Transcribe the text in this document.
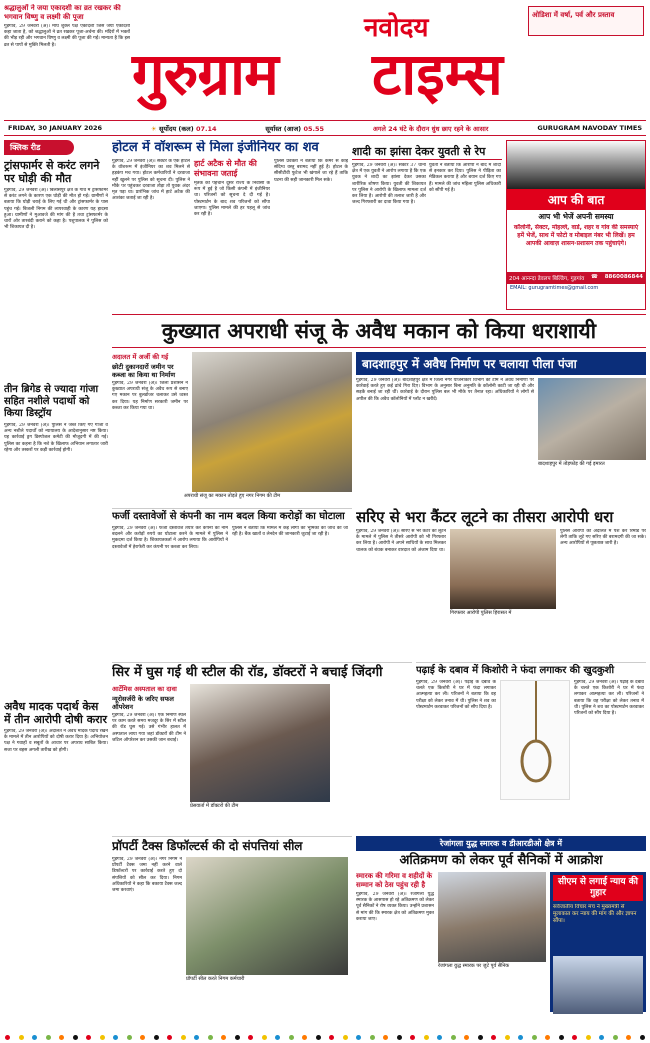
श्रद्धालुओं ने जया एकादशी का व्रत रखकर की भगवान विष्णु व लक्ष्मी की पूजा
गुड़गांव, 29 जनवरी (अ)। माघ शुक्ल पक्ष एकादशी जिसे जया एकादशी कहा जाता है, को श्रद्धालुओं ने व्रत रखकर पूजा-अर्चना की। मंदिरों में भक्तों की भीड़ रही और भगवान विष्णु व लक्ष्मी की पूजा की गई। मान्यता है कि इस व्रत से पापों से मुक्ति मिलती है।
नवोदय
गुरुग्राम टाइम्स
ओडिशा में वर्षा, पर्व और प्रस्ताव
FRIDAY, 30 JANUARY 2026	☀ सूर्योदय (कल) 07.14	सूर्यास्त (आज) 05.55	अगले 24 घंटे के दौरान धुंध छाए रहने के आसार	GURUGRAM NAVODAY TIMES
क्लिक रीड
ट्रांसफार्मर से करंट लगने पर घोड़ी की मौत
गुड़गांव, 29 जनवरी (अ)। बिलासपुर क्षेत्र के गांव में ट्रांसफार्मर से करंट लगने के कारण एक घोड़ी की मौत हो गई। ग्रामीणों ने बताया कि घोड़ी चराई के लिए गई थी और ट्रांसफार्मर के पास पहुंच गई। बिजली निगम की लापरवाही के कारण यह हादसा हुआ। ग्रामीणों ने मुआवजे की मांग की है तथा ट्रांसफार्मर के चारों ओर तारबंदी कराने को कहा है। पशुपालक ने पुलिस को भी शिकायत दी है।
तीन ब्रिगेड से ज्यादा गांजा सहित नशीले पदार्थो को किया डिस्ट्रॉय
गुड़गांव, 29 जनवरी (अ)। पुलिस ने जब्त किए गए गांजा व अन्य नशीले पदार्थों को न्यायालय के आदेशानुसार नष्ट किया। यह कार्रवाई ड्रग डिस्पोजल कमेटी की मौजूदगी में की गई। पुलिस का कहना है कि नशे के खिलाफ अभियान लगातार जारी रहेगा और तस्करों पर कड़ी कार्रवाई होगी।
अवैध मादक पदार्थ केस में तीन आरोपी दोषी करार
गुड़गांव, 29 जनवरी (अ)। अदालत ने अवैध मादक पदार्थ रखने के मामले में तीन आरोपियों को दोषी करार दिया है। अभियोजन पक्ष ने गवाहों व सबूतों के आधार पर अपराध साबित किया। सजा पर बहस अगली तारीख को होगी।
होटल में वॉशरूम से मिला इंजीनियर का शव
गुड़गांव, 29 जनवरी (अ)। सेक्टर के एक होटल के वॉशरूम में इंजीनियर का शव मिलने से हड़कंप मच गया। होटल कर्मचारियों ने दरवाजा नहीं खुलने पर पुलिस को सूचना दी। पुलिस ने मौके पर पहुंचकर दरवाजा तोड़ा तो युवक अंदर मृत पड़ा था। प्रारंभिक जांच में हार्ट अटैक की आशंका जताई जा रही है।
हार्ट अटैक से मौत की संभावना जताई
मृतक की पहचान दूसरे राज्य के निवासी के रूप में हुई है जो किसी कंपनी में इंजीनियर था। परिजनों को सूचना दे दी गई है। पोस्टमार्टम के बाद शव परिजनों को सौंपा जाएगा। पुलिस मामले की हर पहलू से जांच कर रही है।
पुलिस प्रवक्ता ने बताया कि कमरे से कोई संदिग्ध वस्तु बरामद नहीं हुई है। होटल के सीसीटीवी फुटेज भी खंगाले जा रहे हैं ताकि घटना की सही जानकारी मिल सके।
शादी का झांसा देकर युवती से रेप
गुड़गांव, 29 जनवरी (अ)। सेक्टर 37 थाना क्षेत्र में एक युवती ने आरोप लगाया है कि एक युवक ने शादी का झांसा देकर उसका शारीरिक शोषण किया। युवती की शिकायत पर पुलिस ने आरोपी के खिलाफ मामला दर्ज कर लिया है। आरोपी की तलाश जारी है और जल्द गिरफ्तारी का दावा किया गया है।
युवती ने बताया कि आरोपी ने बाद में शादी से इनकार कर दिया। पुलिस ने पीड़िता का मेडिकल कराया है और बयान दर्ज किए गए हैं। मामले की जांच महिला पुलिस अधिकारी को सौंपी गई है।
आप की बात
आप भी भेजें अपनी समस्या
कॉलोनी, सेक्टर, मोहल्ले, वार्ड, शहर व गांव की समस्याएं हमें भेजें, साथ में फोटो व मोबाइल नंबर भी लिखें। हम आपकी आवाज़ शासन-प्रशासन तक पहुंचाएंगे।
204 आनन्दा डेवलप बिल्डिंग, गुड़गांव ☎ 8860086844
EMAIL: gurugramtimes@gmail.com
कुख्यात अपराधी संजू के अवैध मकान को किया धराशायी
अदालत में अर्जी की गई
छोटी दुकानदारों जमीन पर कब्जा का किया था निर्माण
गुड़गांव, 29 जनवरी (अ)। जिला प्रशासन ने कुख्यात अपराधी संजू के अवैध रूप से बनाए गए मकान पर बुलडोजर चलाकर उसे ध्वस्त कर दिया। यह निर्माण सरकारी जमीन पर कब्जा कर किया गया था।
अपराधी संजू का मकान तोड़ते हुए नगर निगम की टीम
बादशाहपुर में अवैध निर्माण पर चलाया पीला पंजा
गुड़गांव, 29 जनवरी (अ)। बादशाहपुर क्षेत्र में जिला नगर योजनाकार विभाग की टीम ने अवैध निर्माणों पर कार्रवाई करते हुए कई ढांचे गिरा दिए। विभाग के अनुसार बिना अनुमति के कॉलोनी काटी जा रही थी और सड़कें बनाई जा रही थीं। कार्रवाई के दौरान पुलिस बल भी मौके पर तैनात रहा। अधिकारियों ने लोगों से अपील की कि अवैध कॉलोनियों में प्लॉट न खरीदें।
बादशाहपुर में तोड़फोड़ की गई इमारत
फर्जी दस्तावेजों से कंपनी का नाम बदल किया करोड़ों का घोटाला
गुड़गांव, 29 जनवरी (अ)। फर्जी दस्तावेज तैयार कर कंपनी का नाम बदलने और करोड़ों रुपये का घोटाला करने के मामले में पुलिस ने मुकदमा दर्ज किया है। शिकायतकर्ता ने आरोप लगाया कि आरोपियों ने दस्तावेजों में हेराफेरी कर कंपनी पर कब्जा कर लिया।
पुलिस ने बताया कि मामले में कई लोगों की भूमिका की जांच की जा रही है। बैंक खातों व लेनदेन की जानकारी जुटाई जा रही है।
सरिए से भरा कैंटर लूटने का तीसरा आरोपी धरा
गुड़गांव, 29 जनवरी (अ)। सरिए से भरे कैंटर को लूटने के मामले में पुलिस ने तीसरे आरोपी को भी गिरफ्तार कर लिया है। आरोपी ने अपने साथियों के साथ मिलकर चालक को बंधक बनाकर वारदात को अंजाम दिया था।
गिरफ्तार आरोपी पुलिस हिरासत में
पुलिस आरोपी को अदालत में पेश कर रिमांड पर लेगी ताकि लूटे गए सरिए की बरामदगी की जा सके। अन्य आरोपियों से पूछताछ जारी है।
सिर में घुस गई थी स्टील की रॉड, डॉक्टरों ने बचाई जिंदगी
आर्टेमिस अस्पताल का दावा
न्यूरोसर्जरी के जरिए सफल ऑपरेशन
गुड़गांव, 29 जनवरी (अ)। एक निर्माण स्थल पर काम करते समय मजदूर के सिर में स्टील की रॉड घुस गई। उसे गंभीर हालत में अस्पताल लाया गया जहां डॉक्टरों की टीम ने जटिल ऑपरेशन कर उसकी जान बचाई।
प्रेसवार्ता में डॉक्टरों की टीम
पढ़ाई के दबाव में किशोरी ने फंदा लगाकर की खुदकुशी
गुड़गांव, 29 जनवरी (अ)। पढ़ाई के दबाव के चलते एक किशोरी ने घर में फंदा लगाकर आत्महत्या कर ली। परिजनों ने बताया कि वह परीक्षा को लेकर तनाव में थी। पुलिस ने शव का पोस्टमार्टम करवाकर परिजनों को सौंप दिया है।
गुड़गांव, 29 जनवरी (अ)। पढ़ाई के दबाव के चलते एक किशोरी ने घर में फंदा लगाकर आत्महत्या कर ली। परिजनों ने बताया कि वह परीक्षा को लेकर तनाव में थी। पुलिस ने शव का पोस्टमार्टम करवाकर परिजनों को सौंप दिया है।
प्रॉपर्टी टैक्स डिफॉल्टर्स की दो संपत्तियां सील
गुड़गांव, 29 जनवरी (अ)। नगर निगम ने प्रॉपर्टी टैक्स जमा नहीं करने वाले डिफॉल्टरों पर कार्रवाई करते हुए दो संपत्तियों को सील कर दिया। निगम अधिकारियों ने कहा कि बकाया टैक्स जल्द जमा करवाएं।
प्रॉपर्टी सील करते निगम कर्मचारी
रेजांगला युद्ध स्मारक व डीआरडीओ क्षेत्र में
अतिक्रमण को लेकर पूर्व सैनिकों में आक्रोश
स्मारक की गरिमा व शहीदों के सम्मान को ठेस पहुंच रही है
गुड़गांव, 29 जनवरी (अ)। रेजांगला युद्ध स्मारक के आसपास हो रहे अतिक्रमण को लेकर पूर्व सैनिकों ने रोष व्यक्त किया। उन्होंने प्रशासन से मांग की कि स्मारक क्षेत्र को अतिक्रमण मुक्त कराया जाए।
रेजांगला युद्ध स्मारक पर जुटे पूर्व सैनिक
सीएम से लगाई न्याय की गुहार
सर्वजातीय विचार मंच ने मुख्यमंत्री से मुलाकात कर न्याय की मांग की और ज्ञापन सौंपा।
